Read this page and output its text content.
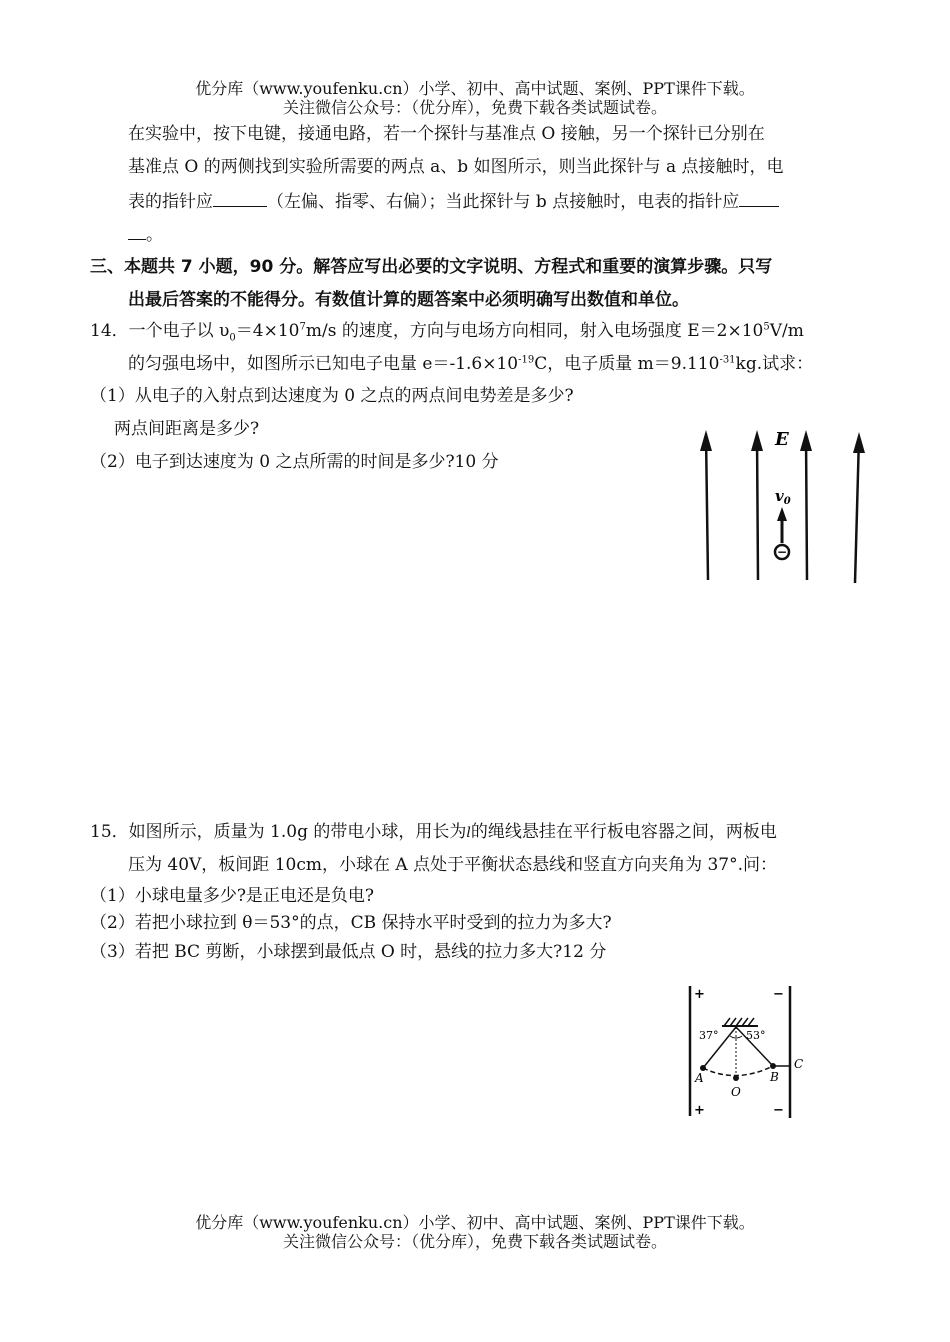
优分库（www.youfenku.cn）小学、初中、高中试题、案例、PPT课件下载。
关注微信公众号：（优分库），免费下载各类试题试卷。
在实验中，按下电键，接通电路，若一个探针与基准点 O 接触，另一个探针已分别在
基准点 O 的两侧找到实验所需要的两点 a、b 如图所示，则当此探针与 a 点接触时，电
表的指针应	（左偏、指零、右偏）；当此探针与 b 点接触时，电表的指针应
。
三、本题共 7 小题，90 分。解答应写出必要的文字说明、方程式和重要的演算步骤。只写
出最后答案的不能得分。有数值计算的题答案中必须明确写出数值和单位。
14．一个电子以 $\upsilon_0=4\times 10^7m/s$ 的速度，方向与电场方向相同，射入电场强度 $E=2\times 10^5V/m$
的匀强电场中，如图所示已知电子电量 $e=-1.6\times 10^{-19}C$，电子质量 $m=9.110^{-31}kg$.试求：
（1）从电子的入射点到达速度为 0 之点的两点间电势差是多少?
两点间距离是多少?
（2）电子到达速度为 0 之点所需的时间是多少?10 分
E
$v_0$
−
15．如图所示，质量为 1.0g 的带电小球，用长为l的绳线悬挂在平行板电容器之间，两板电
压为 40V，板间距 10cm，小球在 A 点处于平衡状态悬线和竖直方向夹角为 37°.问：
（1）小球电量多少?是正电还是负电?
（2）若把小球拉到 θ＝53°的点，CB 保持水平时受到的拉力为多大?
（3）若把 BC 剪断，小球摆到最低点 O 时，悬线的拉力多大?12 分
+	−
+	−
37°	53°
A	B
O
C
优分库（www.youfenku.cn）小学、初中、高中试题、案例、PPT课件下载。
关注微信公众号：（优分库），免费下载各类试题试卷。
